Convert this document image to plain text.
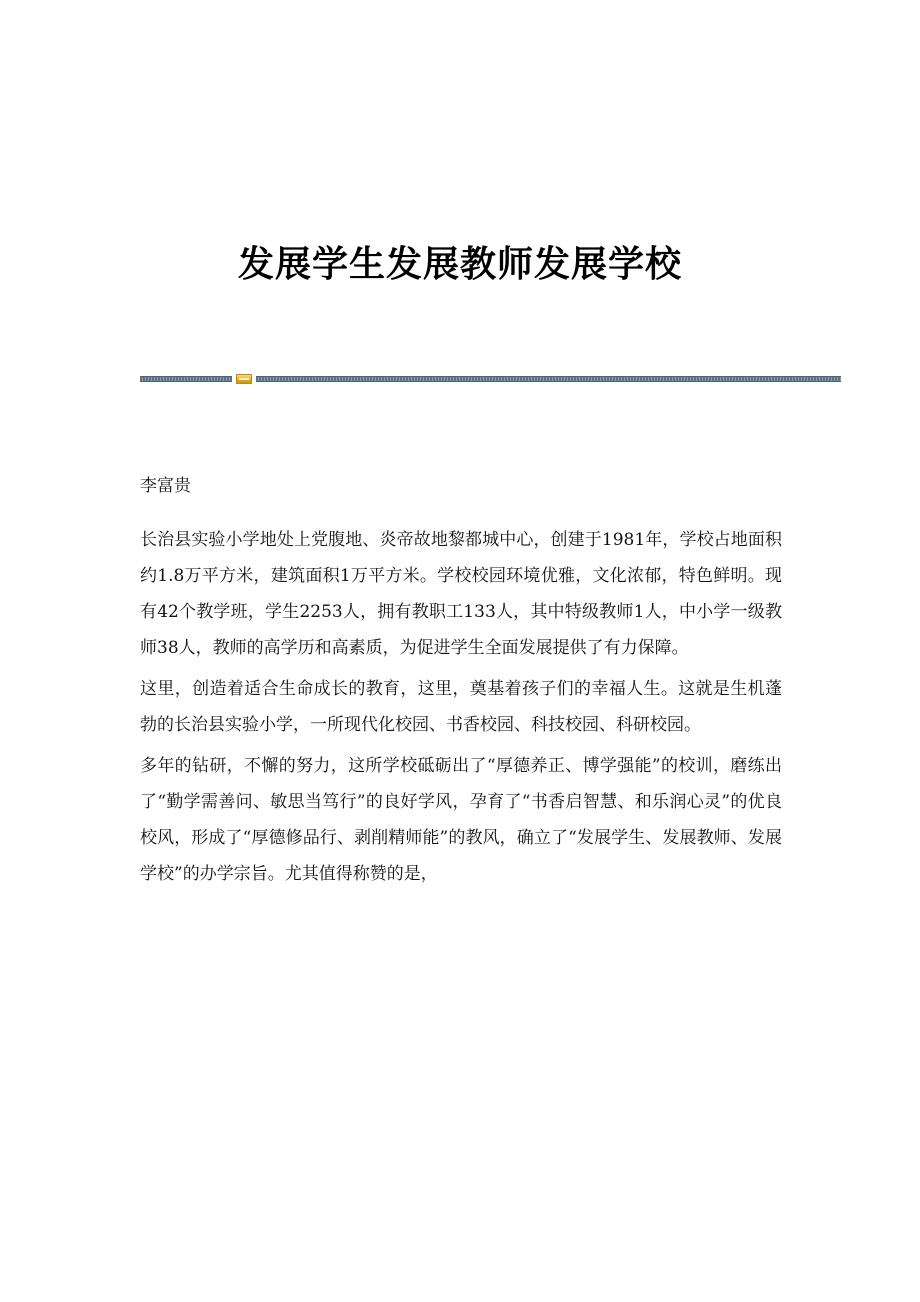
发展学生发展教师发展学校
李富贵

长治县实验小学地处上党腹地、炎帝故地黎都城中心，创建于1981年，学校占地面积约1.8万平方米，建筑面积1万平方米。学校校园环境优雅，文化浓郁，特色鲜明。现有42个教学班，学生2253人，拥有教职工133人，其中特级教师1人，中小学一级教师38人，教师的高学历和高素质，为促进学生全面发展提供了有力保障。

这里，创造着适合生命成长的教育，这里，奠基着孩子们的幸福人生。这就是生机蓬勃的长治县实验小学，一所现代化校园、书香校园、科技校园、科研校园。

多年的钻研，不懈的努力，这所学校砥砺出了“厚德养正、博学强能”的校训，磨练出了“勤学需善问、敏思当笃行”的良好学风，孕育了“书香启智慧、和乐润心灵”的优良校风，形成了“厚德修品行、剥削精师能”的教风，确立了“发展学生、发展教师、发展学校”的办学宗旨。尤其值得称赞的是，
